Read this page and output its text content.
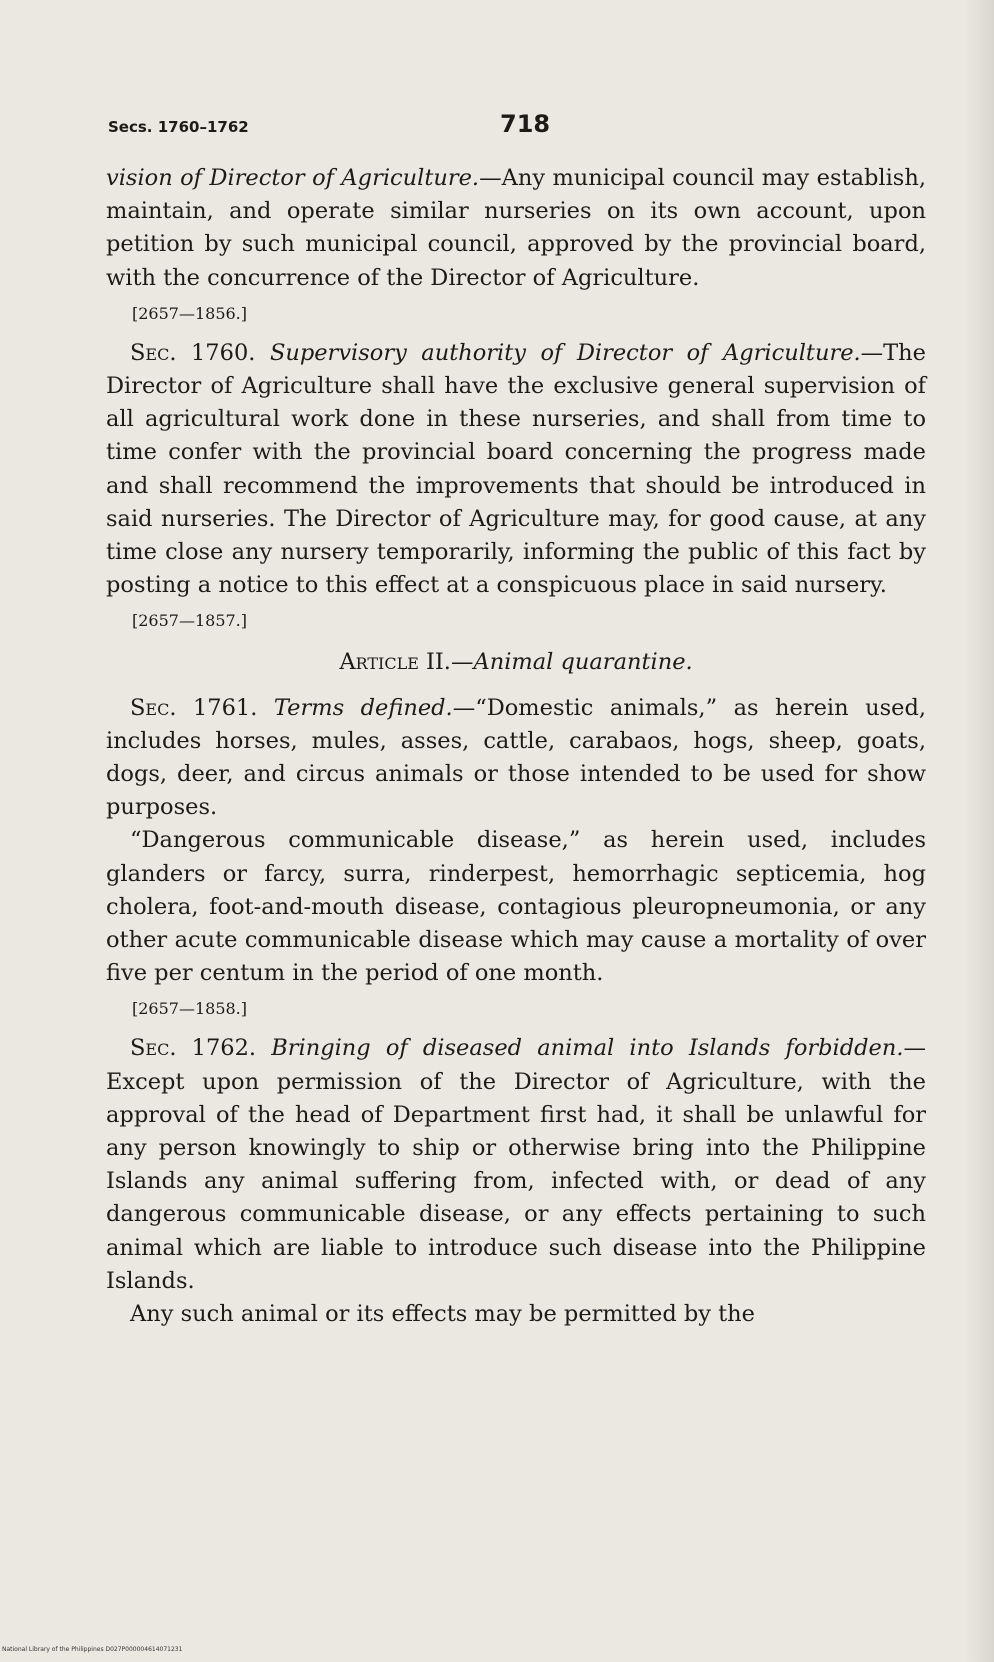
Secs. 1760–1762	718

vision of Director of Agriculture.—Any municipal council may establish, maintain, and operate similar nurseries on its own account, upon petition by such municipal council, approved by the provincial board, with the concurrence of the Director of Agriculture.

[2657—1856.]

Sec. 1760. Supervisory authority of Director of Agriculture.—The Director of Agriculture shall have the exclusive general supervision of all agricultural work done in these nurseries, and shall from time to time confer with the provincial board concerning the progress made and shall recommend the improvements that should be introduced in said nurseries. The Director of Agriculture may, for good cause, at any time close any nursery temporarily, informing the public of this fact by posting a notice to this effect at a conspicuous place in said nursery.

[2657—1857.]

Article II.—Animal quarantine.

Sec. 1761. Terms defined.—“Domestic animals,” as herein used, includes horses, mules, asses, cattle, carabaos, hogs, sheep, goats, dogs, deer, and circus animals or those intended to be used for show purposes.

“Dangerous communicable disease,” as herein used, includes glanders or farcy, surra, rinderpest, hemorrhagic septicemia, hog cholera, foot-and-mouth disease, contagious pleuropneumonia, or any other acute communicable disease which may cause a mortality of over five per centum in the period of one month.

[2657—1858.]

Sec. 1762. Bringing of diseased animal into Islands forbidden.—Except upon permission of the Director of Agriculture, with the approval of the head of Department first had, it shall be unlawful for any person knowingly to ship or otherwise bring into the Philippine Islands any animal suffering from, infected with, or dead of any dangerous communicable disease, or any effects pertaining to such animal which are liable to introduce such disease into the Philippine Islands.

Any such animal or its effects may be permitted by the

National Library of the Philippines D027P000004614071231
